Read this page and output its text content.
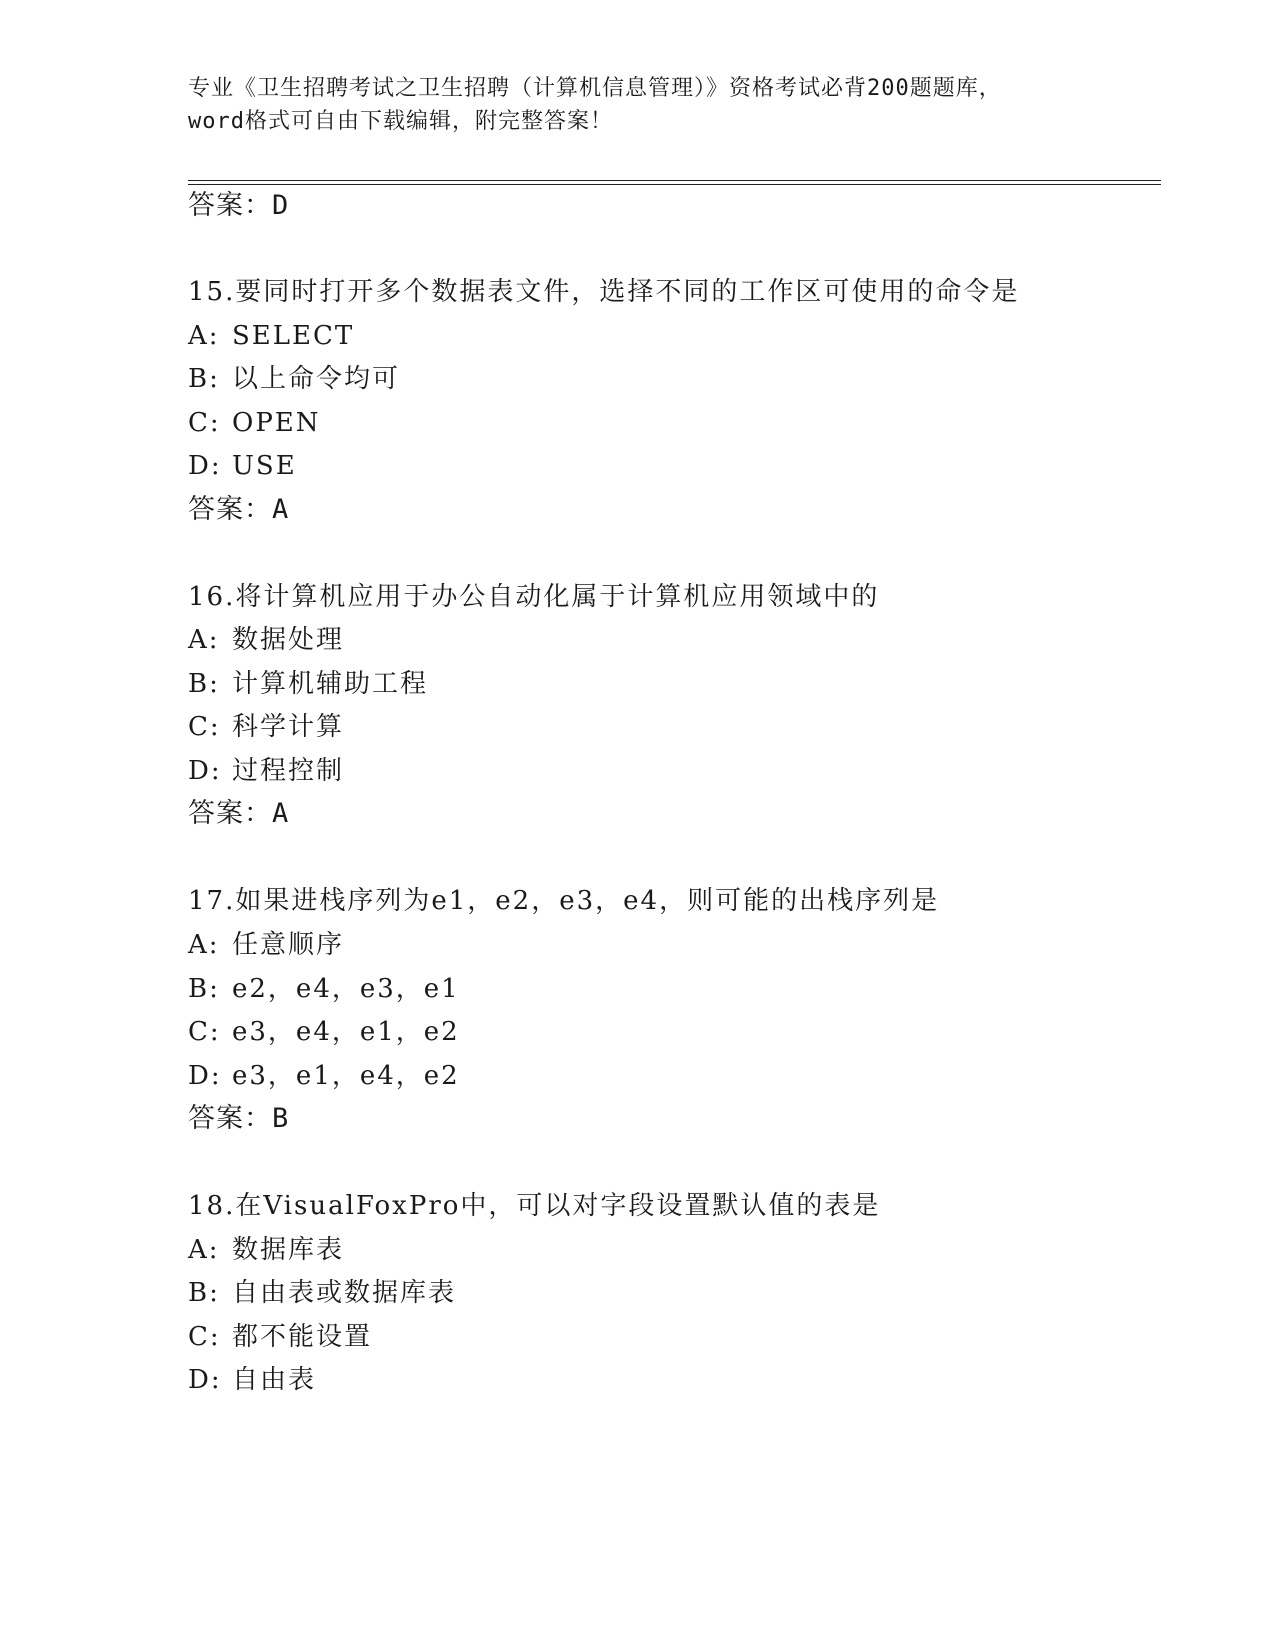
专业《卫生招聘考试之卫生招聘（计算机信息管理）》资格考试必背200题题库，
word格式可自由下载编辑，附完整答案！
答案：D
15.要同时打开多个数据表文件，选择不同的工作区可使用的命令是
A: SELECT
B: 以上命令均可
C: OPEN
D: USE
答案：A
16.将计算机应用于办公自动化属于计算机应用领域中的
A: 数据处理
B: 计算机辅助工程
C: 科学计算
D: 过程控制
答案：A
17.如果进栈序列为e1，e2，e3，e4，则可能的出栈序列是
A: 任意顺序
B: e2，e4，e3，e1
C: e3，e4，e1，e2
D: e3，e1，e4，e2
答案：B
18.在VisualFoxPro中，可以对字段设置默认值的表是
A: 数据库表
B: 自由表或数据库表
C: 都不能设置
D: 自由表
